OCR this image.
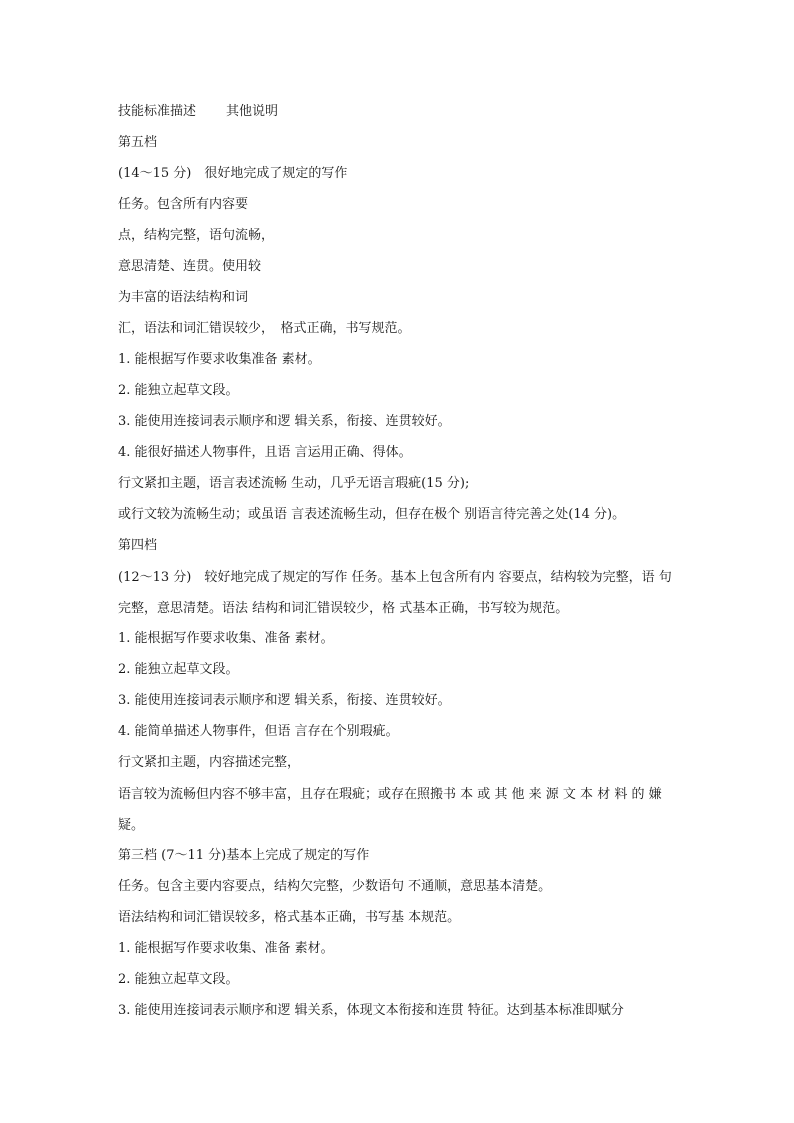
技能标准描述 其他说明
第五档
(14～15 分)　很好地完成了规定的写作
任务。包含所有内容要
点，结构完整，语句流畅，
意思清楚、连贯。使用较
为丰富的语法结构和词
汇，语法和词汇错误较少，　格式正确，书写规范。
1. 能根据写作要求收集准备 素材。
2. 能独立起草文段。
3. 能使用连接词表示顺序和逻 辑关系，衔接、连贯较好。
4. 能很好描述人物事件，且语 言运用正确、得体。
行文紧扣主题，语言表述流畅 生动，几乎无语言瑕疵(15 分);
或行文较为流畅生动；或虽语 言表述流畅生动，但存在极个 别语言待完善之处(14 分)。
第四档
(12～13 分)　较好地完成了规定的写作 任务。基本上包含所有内 容要点，结构较为完整，语 句完整，意思清楚。语法 结构和词汇错误较少，格 式基本正确，书写较为规范。
1. 能根据写作要求收集、准备 素材。
2. 能独立起草文段。
3. 能使用连接词表示顺序和逻 辑关系，衔接、连贯较好。
4. 能简单描述人物事件，但语 言存在个别瑕疵。
行文紧扣主题，内容描述完整，
语言较为流畅但内容不够丰富，且存在瑕疵；或存在照搬书 本 或 其 他 来 源 文 本 材 料 的 嫌疑。
第三档 (7～11 分)基本上完成了规定的写作
任务。包含主要内容要点，结构欠完整，少数语句 不通顺，意思基本清楚。
语法结构和词汇错误较多，格式基本正确，书写基 本规范。
1. 能根据写作要求收集、准备 素材。
2. 能独立起草文段。
3. 能使用连接词表示顺序和逻 辑关系，体现文本衔接和连贯 特征。达到基本标准即赋分
